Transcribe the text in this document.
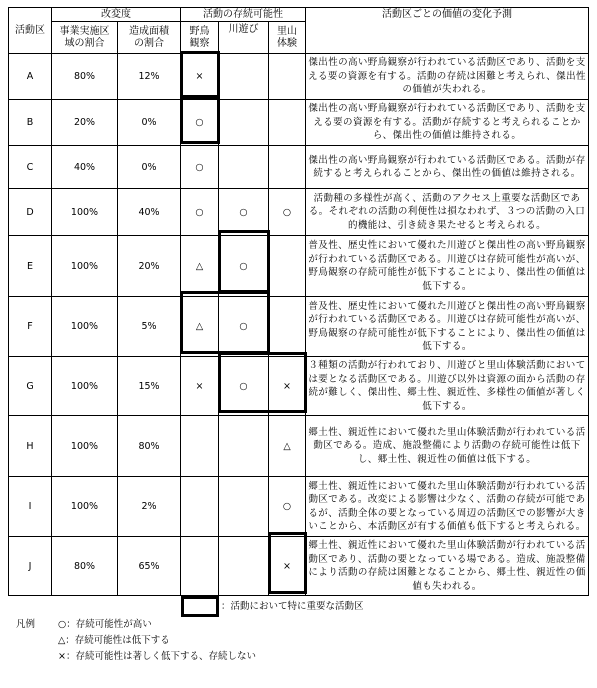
活動区	改変度		活動の存続可能性			活動区ごとの価値の変化予測
	事業実施区域の割合	造成面積の割合	野鳥観察	川遊び	里山体験	
A	80%	12%	×			傑出性の高い野鳥観察が行われている活動区であり、活動を支える要の資源を有する。活動の存続は困難と考えられ、傑出性の価値が失われる。
B	20%	0%	○			傑出性の高い野鳥観察が行われている活動区であり、活動を支える要の資源を有する。活動が存続すると考えられることから、傑出性の価値は維持される。
C	40%	0%	○			傑出性の高い野鳥観察が行われている活動区である。活動が存続すると考えられることから、傑出性の価値は維持される。
D	100%	40%	○	○	○	活動種の多様性が高く、活動のアクセス上重要な活動区である。それぞれの活動の利便性は損なわれず、３つの活動の入口的機能は、引き続き果たせると考えられる。
E	100%	20%	△	○		普及性、歴史性において優れた川遊びと傑出性の高い野鳥観察が行われている活動区である。川遊びは存続可能性が高いが、野鳥観察の存続可能性が低下することにより、傑出性の価値は低下する。
F	100%	5%	△	○		普及性、歴史性において優れた川遊びと傑出性の高い野鳥観察が行われている活動区である。川遊びは存続可能性が高いが、野鳥観察の存続可能性が低下することにより、傑出性の価値は低下する。
G	100%	15%	×	○	×	３種類の活動が行われており、川遊びと里山体験活動においては要となる活動区である。川遊び以外は資源の面から活動の存続が難しく、傑出性、郷土性、親近性、多様性の価値が著しく低下する。
H	100%	80%			△	郷土性、親近性において優れた里山体験活動が行われている活動区である。造成、施設整備により活動の存続可能性は低下し、郷土性、親近性の価値は低下する。
I	100%	2%			○	郷土性、親近性において優れた里山体験活動が行われている活動区である。改変による影響は少なく、活動の存続が可能であるが、活動全体の要となっている周辺の活動区での影響が大きいことから、本活動区が有する価値も低下すると考えられる。
J	80%	65%			×	郷土性、親近性において優れた里山体験活動が行われている活動区であり、活動の要となっている場である。造成、施設整備により活動の存続は困難となることから、郷土性、親近性の価値も失われる。
：活動において特に重要な活動区
凡例 ○：存続可能性が高い
△：存続可能性は低下する
×：存続可能性は著しく低下する、存続しない
